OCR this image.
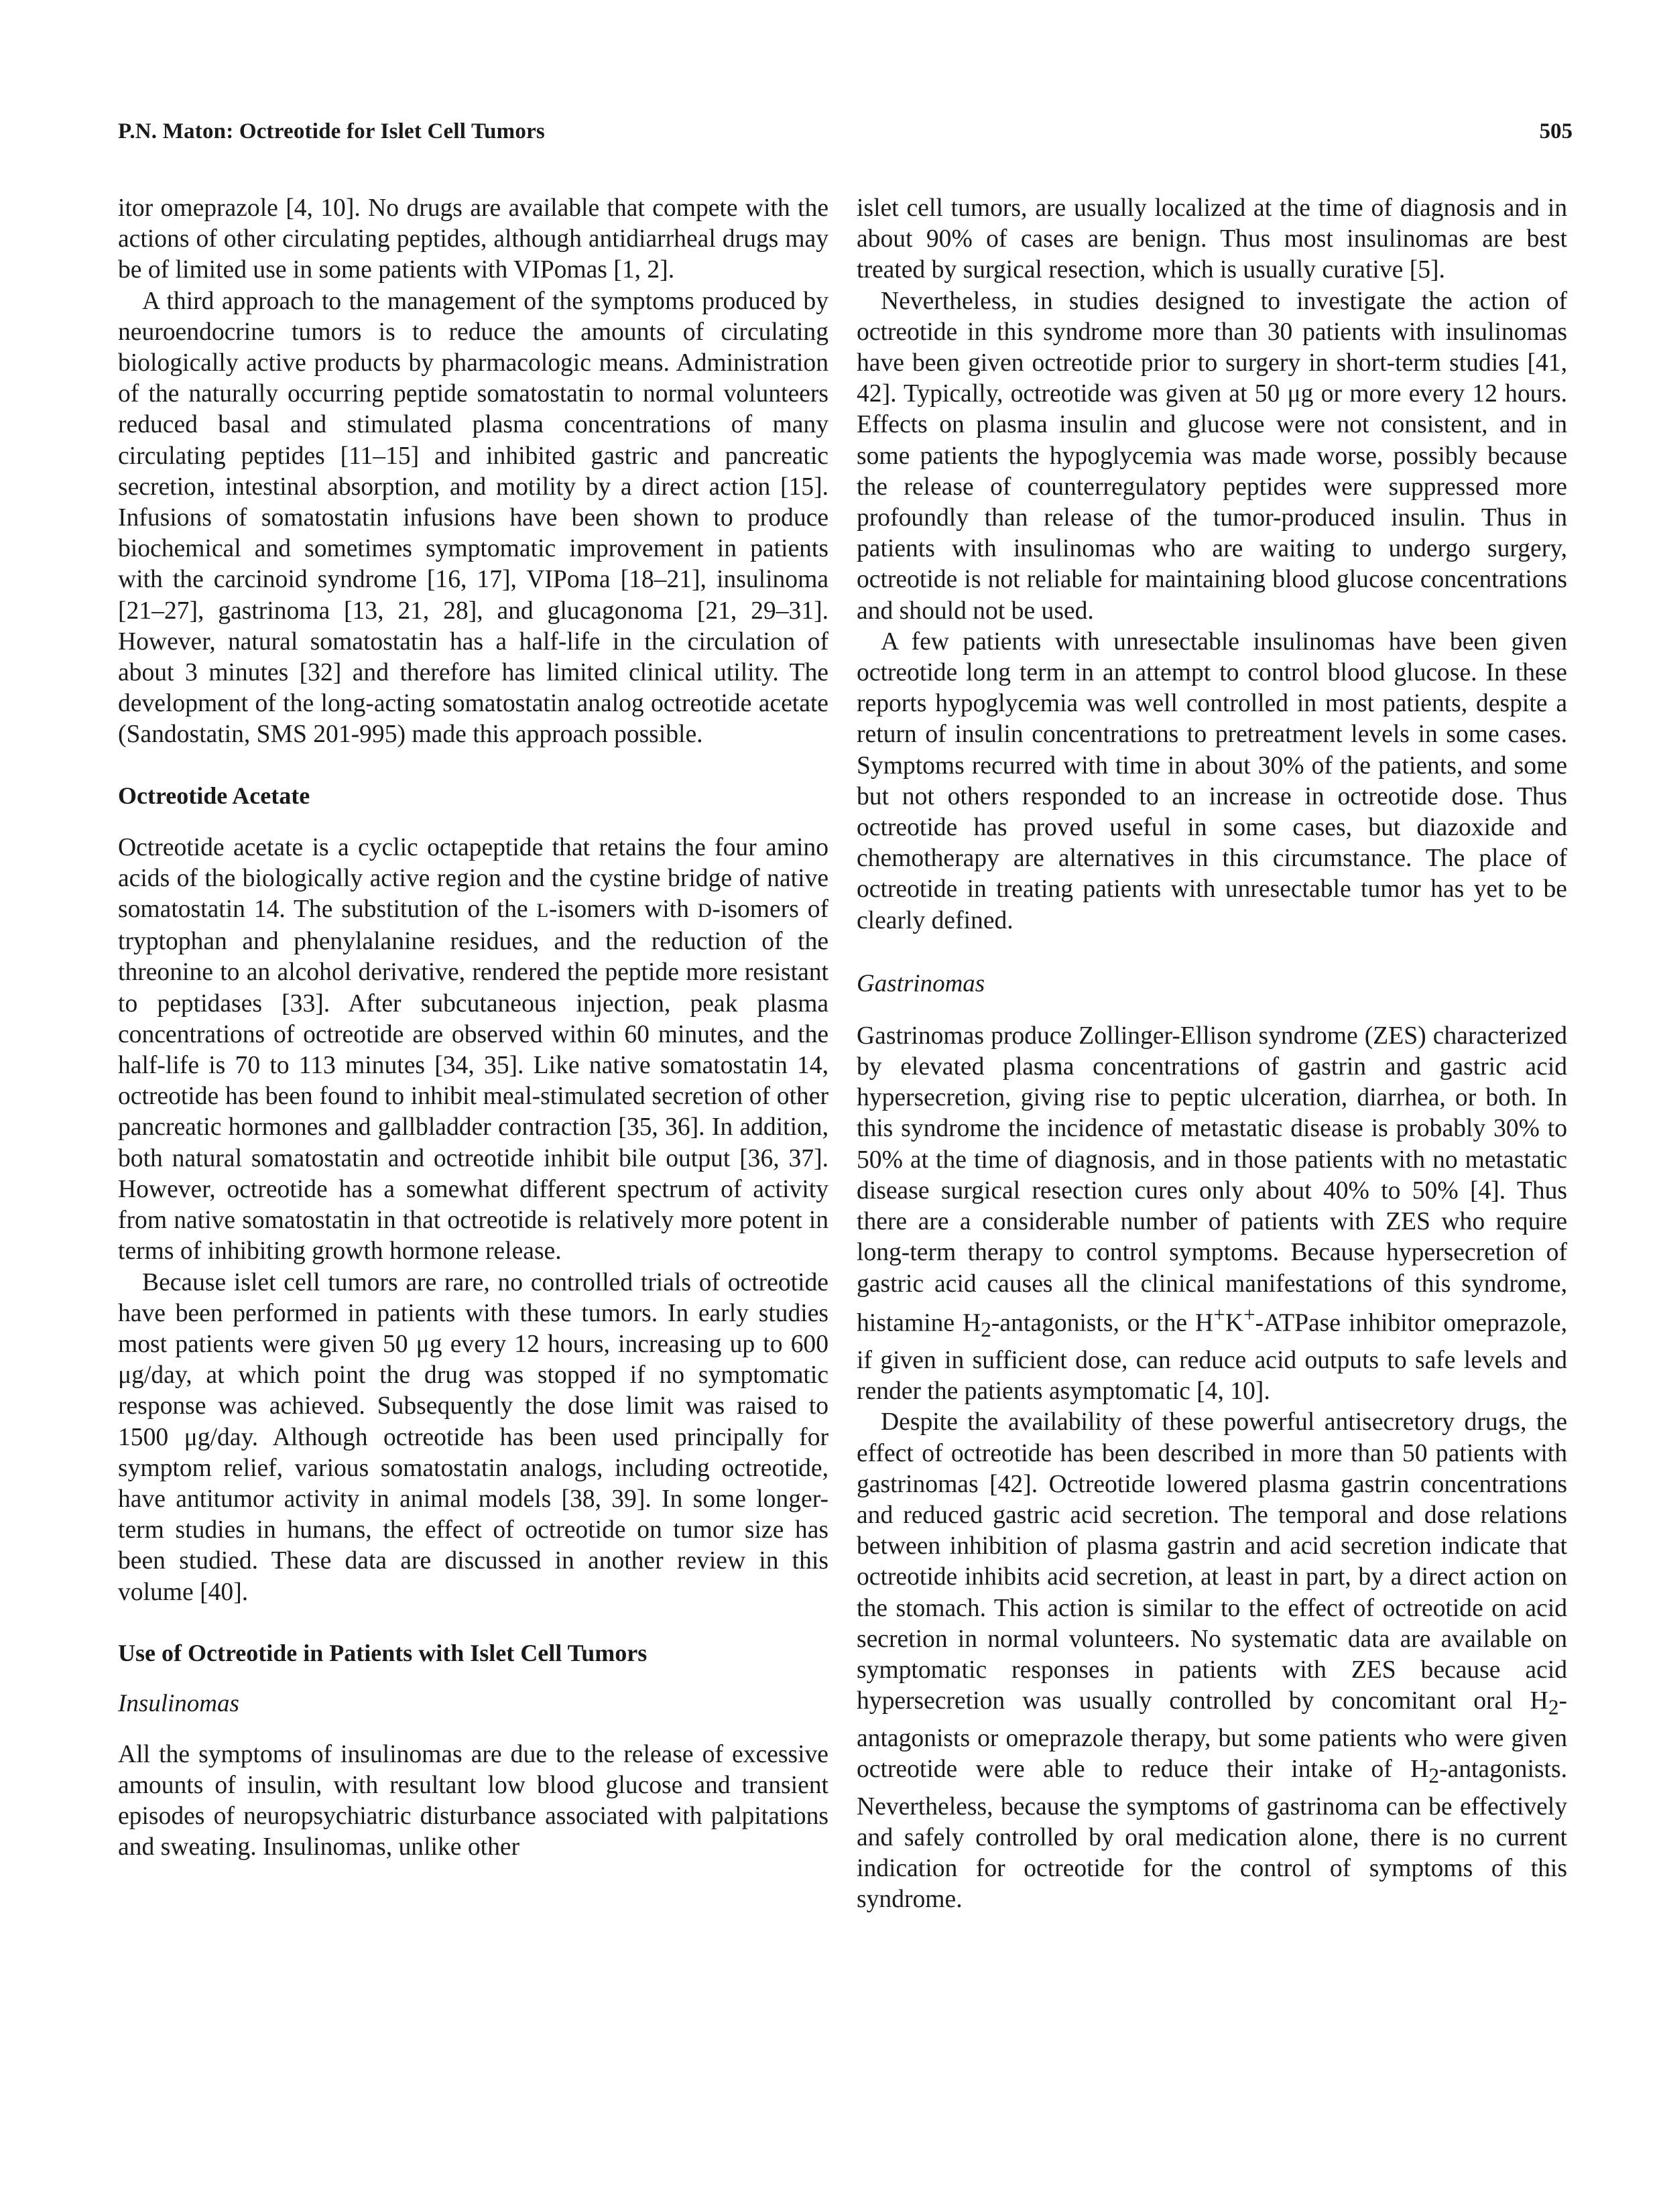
P.N. Maton: Octreotide for Islet Cell Tumors	505

itor omeprazole [4, 10]. No drugs are available that compete with the actions of other circulating peptides, although antidiarrheal drugs may be of limited use in some patients with VIPomas [1, 2].

A third approach to the management of the symptoms produced by neuroendocrine tumors is to reduce the amounts of circulating biologically active products by pharmacologic means. Administration of the naturally occurring peptide somatostatin to normal volunteers reduced basal and stimulated plasma concentrations of many circulating peptides [11–15] and inhibited gastric and pancreatic secretion, intestinal absorption, and motility by a direct action [15]. Infusions of somatostatin infusions have been shown to produce biochemical and sometimes symptomatic improvement in patients with the carcinoid syndrome [16, 17], VIPoma [18–21], insulinoma [21–27], gastrinoma [13, 21, 28], and glucagonoma [21, 29–31]. However, natural somatostatin has a half-life in the circulation of about 3 minutes [32] and therefore has limited clinical utility. The development of the long-acting somatostatin analog octreotide acetate (Sandostatin, SMS 201-995) made this approach possible.

Octreotide Acetate

Octreotide acetate is a cyclic octapeptide that retains the four amino acids of the biologically active region and the cystine bridge of native somatostatin 14. The substitution of the L-isomers with D-isomers of tryptophan and phenylalanine residues, and the reduction of the threonine to an alcohol derivative, rendered the peptide more resistant to peptidases [33]. After subcutaneous injection, peak plasma concentrations of octreotide are observed within 60 minutes, and the half-life is 70 to 113 minutes [34, 35]. Like native somatostatin 14, octreotide has been found to inhibit meal-stimulated secretion of other pancreatic hormones and gallbladder contraction [35, 36]. In addition, both natural somatostatin and octreotide inhibit bile output [36, 37]. However, octreotide has a somewhat different spectrum of activity from native somatostatin in that octreotide is relatively more potent in terms of inhibiting growth hormone release.

Because islet cell tumors are rare, no controlled trials of octreotide have been performed in patients with these tumors. In early studies most patients were given 50 μg every 12 hours, increasing up to 600 μg/day, at which point the drug was stopped if no symptomatic response was achieved. Subsequently the dose limit was raised to 1500 μg/day. Although octreotide has been used principally for symptom relief, various somatostatin analogs, including octreotide, have antitumor activity in animal models [38, 39]. In some longer-term studies in humans, the effect of octreotide on tumor size has been studied. These data are discussed in another review in this volume [40].

Use of Octreotide in Patients with Islet Cell Tumors
Insulinomas

All the symptoms of insulinomas are due to the release of excessive amounts of insulin, with resultant low blood glucose and transient episodes of neuropsychiatric disturbance associated with palpitations and sweating. Insulinomas, unlike other

islet cell tumors, are usually localized at the time of diagnosis and in about 90% of cases are benign. Thus most insulinomas are best treated by surgical resection, which is usually curative [5].

Nevertheless, in studies designed to investigate the action of octreotide in this syndrome more than 30 patients with insulinomas have been given octreotide prior to surgery in short-term studies [41, 42]. Typically, octreotide was given at 50 μg or more every 12 hours. Effects on plasma insulin and glucose were not consistent, and in some patients the hypoglycemia was made worse, possibly because the release of counterregulatory peptides were suppressed more profoundly than release of the tumor-produced insulin. Thus in patients with insulinomas who are waiting to undergo surgery, octreotide is not reliable for maintaining blood glucose concentrations and should not be used.

A few patients with unresectable insulinomas have been given octreotide long term in an attempt to control blood glucose. In these reports hypoglycemia was well controlled in most patients, despite a return of insulin concentrations to pretreatment levels in some cases. Symptoms recurred with time in about 30% of the patients, and some but not others responded to an increase in octreotide dose. Thus octreotide has proved useful in some cases, but diazoxide and chemotherapy are alternatives in this circumstance. The place of octreotide in treating patients with unresectable tumor has yet to be clearly defined.

Gastrinomas

Gastrinomas produce Zollinger-Ellison syndrome (ZES) characterized by elevated plasma concentrations of gastrin and gastric acid hypersecretion, giving rise to peptic ulceration, diarrhea, or both. In this syndrome the incidence of metastatic disease is probably 30% to 50% at the time of diagnosis, and in those patients with no metastatic disease surgical resection cures only about 40% to 50% [4]. Thus there are a considerable number of patients with ZES who require long-term therapy to control symptoms. Because hypersecretion of gastric acid causes all the clinical manifestations of this syndrome, histamine $H_2$-antagonists, or the H+K+-ATPase inhibitor omeprazole, if given in sufficient dose, can reduce acid outputs to safe levels and render the patients asymptomatic [4, 10].

Despite the availability of these powerful antisecretory drugs, the effect of octreotide has been described in more than 50 patients with gastrinomas [42]. Octreotide lowered plasma gastrin concentrations and reduced gastric acid secretion. The temporal and dose relations between inhibition of plasma gastrin and acid secretion indicate that octreotide inhibits acid secretion, at least in part, by a direct action on the stomach. This action is similar to the effect of octreotide on acid secretion in normal volunteers. No systematic data are available on symptomatic responses in patients with ZES because acid hypersecretion was usually controlled by concomitant oral $H_2$-antagonists or omeprazole therapy, but some patients who were given octreotide were able to reduce their intake of $H_2$-antagonists. Nevertheless, because the symptoms of gastrinoma can be effectively and safely controlled by oral medication alone, there is no current indication for octreotide for the control of symptoms of this syndrome.
